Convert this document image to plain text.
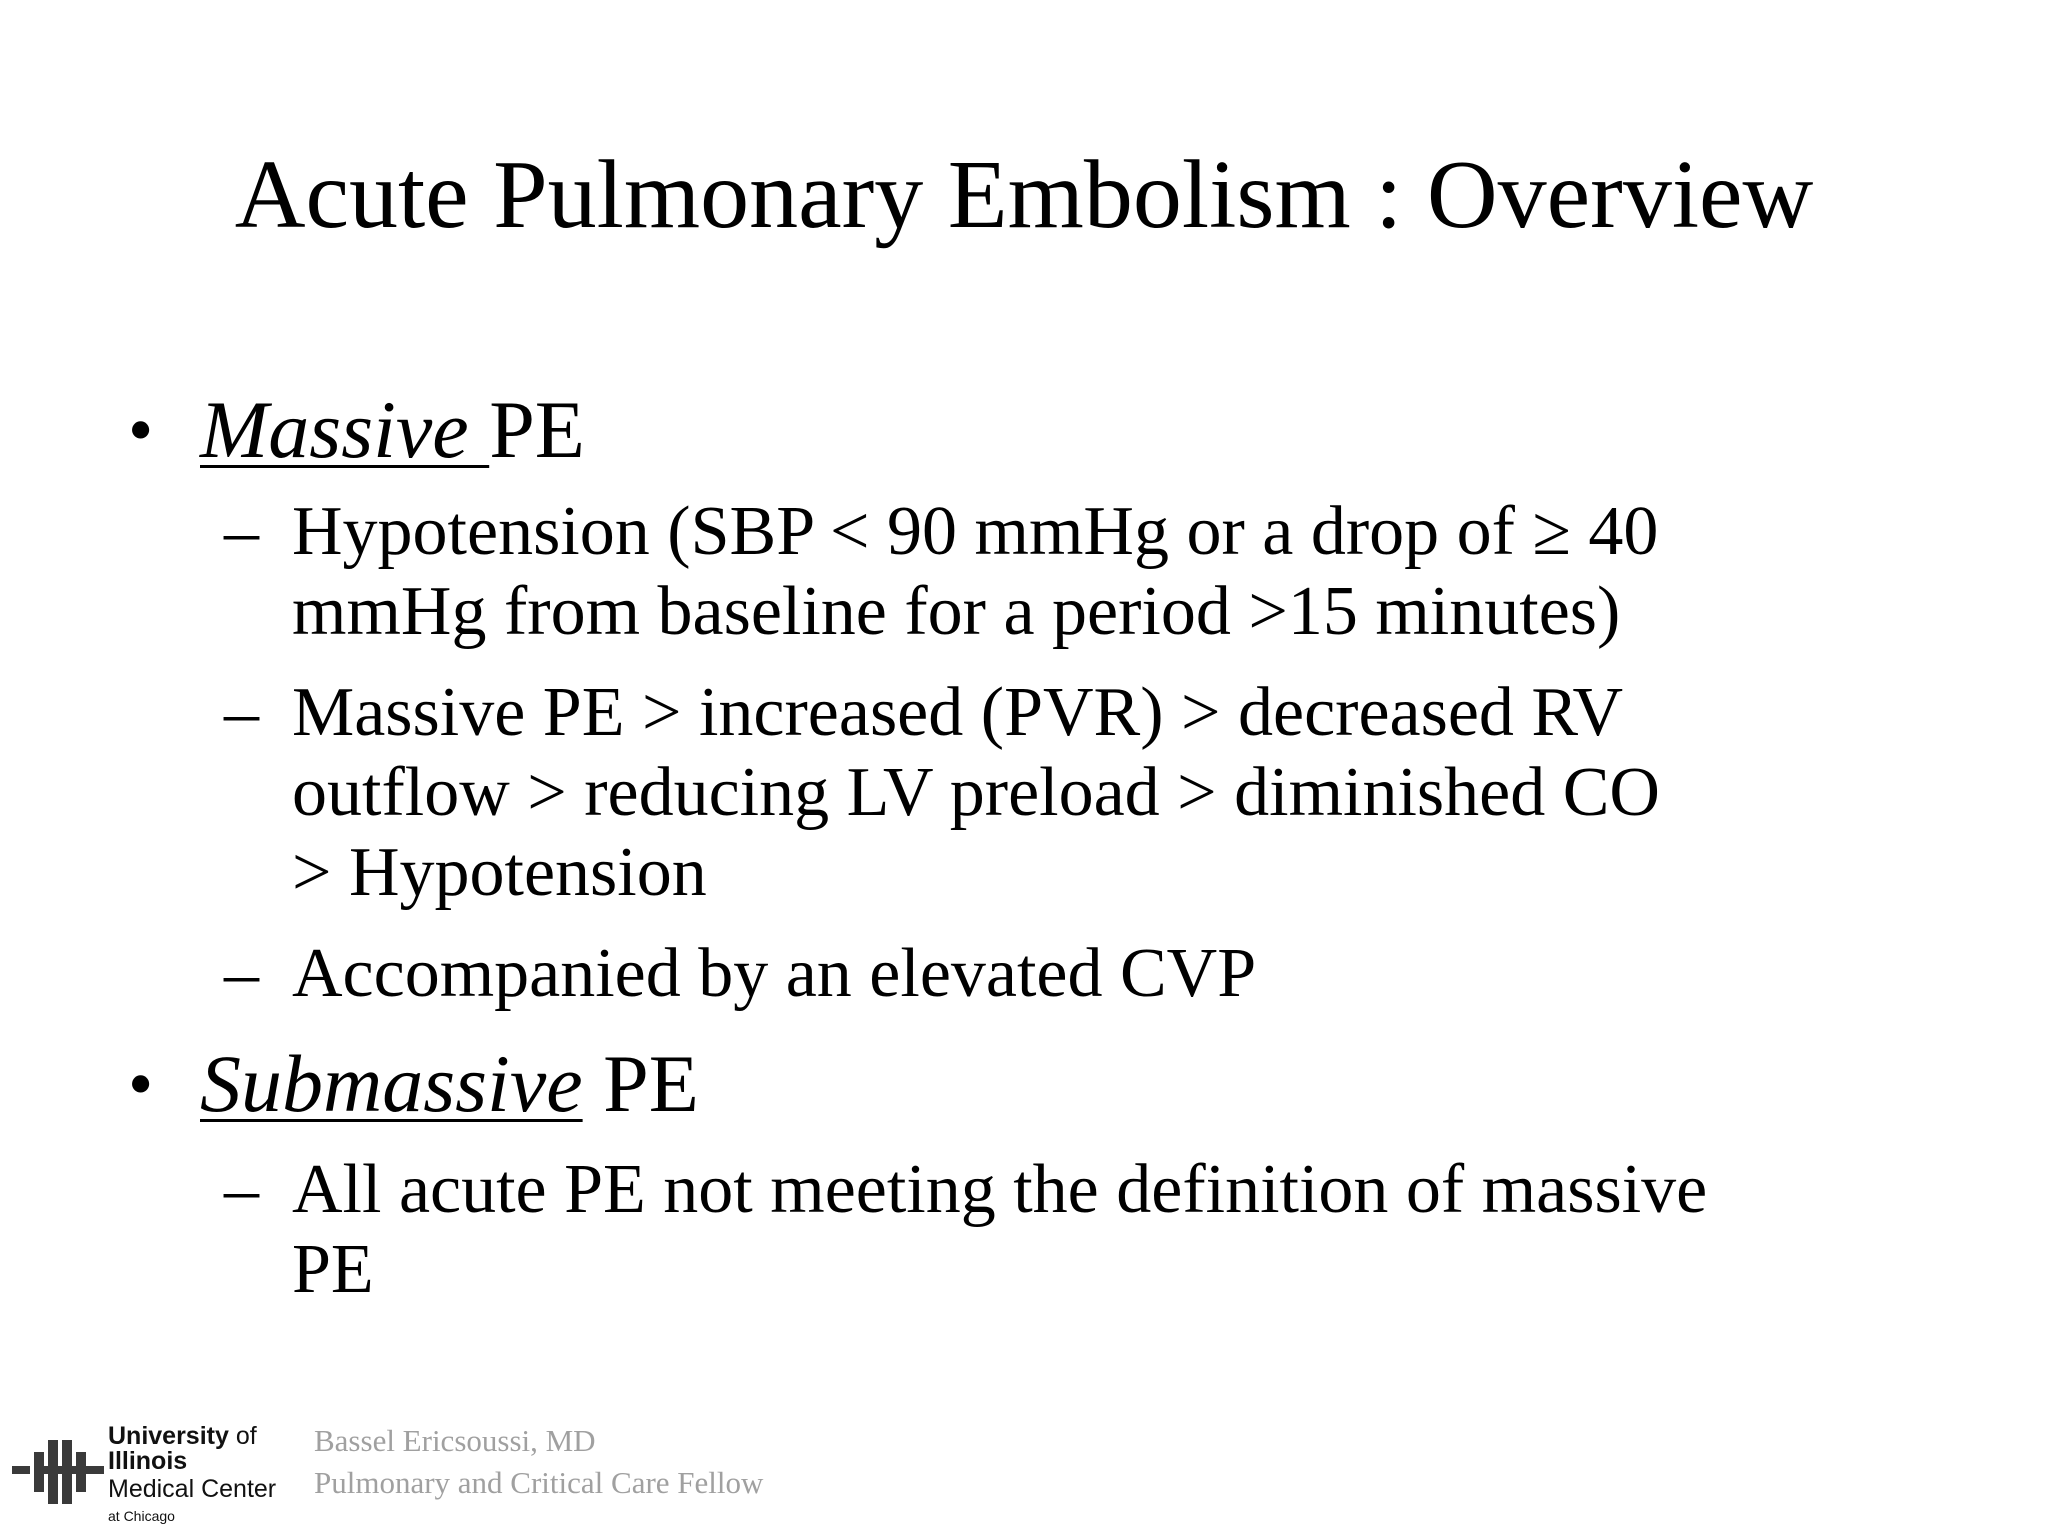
Acute Pulmonary Embolism : Overview
• Massive PE
– Hypotension (SBP < 90 mmHg or a drop of ≥ 40
mmHg from baseline for a period >15 minutes)
– Massive PE > increased (PVR) > decreased RV
outflow > reducing LV preload > diminished CO
> Hypotension
– Accompanied by an elevated CVP
• Submassive PE
– All acute PE not meeting the definition of massive
PE
University of
Illinois
Medical Center
at Chicago
Bassel Ericsoussi, MD
Pulmonary and Critical Care Fellow
